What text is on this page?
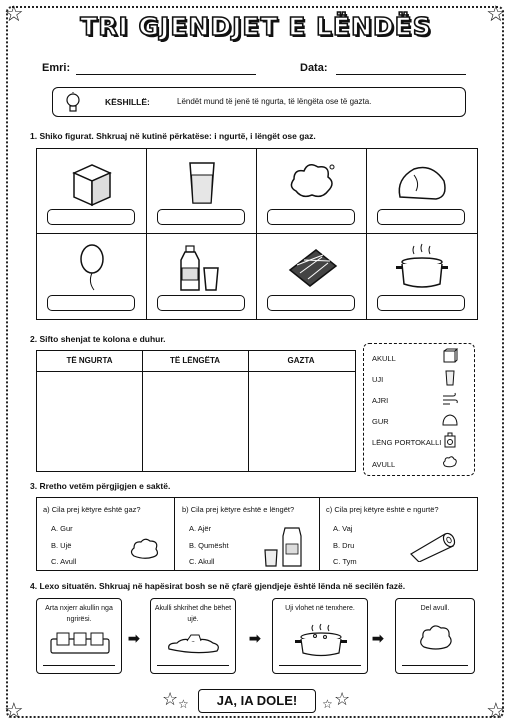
☆	☆
☆	☆
TRI GJENDJET E LËNDËS
Emri:	Data:
KËSHILLË:	Lëndët mund të jenë të ngurta, të lëngëta ose të gazta.
1. Shiko figurat. Shkruaj në kutinë përkatëse: i ngurtë, i lëngët ose gaz.
2. Sifto shenjat te kolona e duhur.
TË NGURTA	TË LËNGËTA	GAZTA	AKULL
UJI
AJRI
GUR
LËNG PORTOKALLI
AVULL
3. Rretho vetëm përgjigjen e saktë.
a) Cila prej këtyre është gaz?
A. Gur
B. Ujë
C. Avull
b) Cila prej këtyre është e lëngët?
A. Ajër
B. Qumësht
C. Akull
c) Cila prej këtyre është e ngurtë?
A. Vaj
B. Dru
C. Tym
4. Lexo situatën. Shkruaj në hapësirat bosh se në çfarë gjendjeje është lënda në secilën fazë.
Arta nxjerr akullin nga ngrirësi.
➡
Akulli shkrihet dhe bëhet ujë.
➡
Uji vlohet në tenxhere.
➡
Del avull.
☆ ☆	JA, IA DOLE!	☆ ☆
